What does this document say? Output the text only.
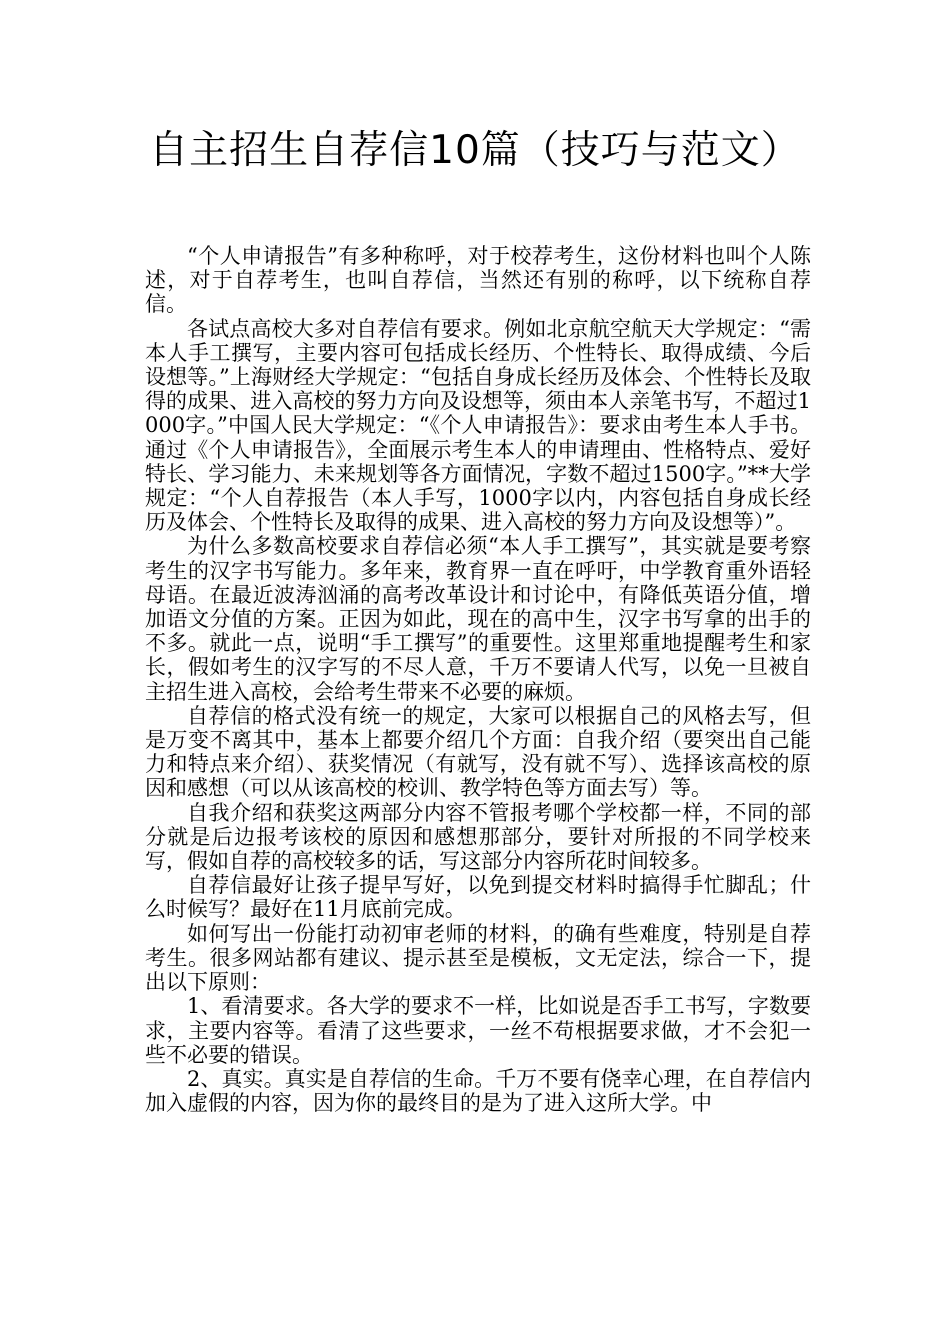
自主招生自荐信10篇（技巧与范文）

“个人申请报告”有多种称呼，对于校荐考生，这份材料也叫个人陈述，对于自荐考生，也叫自荐信，当然还有别的称呼，以下统称自荐信。

各试点高校大多对自荐信有要求。例如北京航空航天大学规定：“需本人手工撰写，主要内容可包括成长经历、个性特长、取得成绩、今后设想等。”上海财经大学规定：“包括自身成长经历及体会、个性特长及取得的成果、进入高校的努力方向及设想等，须由本人亲笔书写，不超过1000字。”中国人民大学规定：“《个人申请报告》：要求由考生本人手书。通过《个人申请报告》，全面展示考生本人的申请理由、性格特点、爱好特长、学习能力、未来规划等各方面情况，字数不超过1500字。”**大学规定：“个人自荐报告（本人手写，1000字以内，内容包括自身成长经历及体会、个性特长及取得的成果、进入高校的努力方向及设想等）”。

为什么多数高校要求自荐信必须“本人手工撰写”，其实就是要考察考生的汉字书写能力。多年来，教育界一直在呼吁，中学教育重外语轻母语。在最近波涛汹涌的高考改革设计和讨论中，有降低英语分值，增加语文分值的方案。正因为如此，现在的高中生，汉字书写拿的出手的不多。就此一点，说明“手工撰写”的重要性。这里郑重地提醒考生和家长，假如考生的汉字写的不尽人意，千万不要请人代写，以免一旦被自主招生进入高校，会给考生带来不必要的麻烦。

自荐信的格式没有统一的规定，大家可以根据自己的风格去写，但是万变不离其中，基本上都要介绍几个方面：自我介绍（要突出自己能力和特点来介绍）、获奖情况（有就写，没有就不写）、选择该高校的原因和感想（可以从该高校的校训、教学特色等方面去写）等。

自我介绍和获奖这两部分内容不管报考哪个学校都一样，不同的部分就是后边报考该校的原因和感想那部分，要针对所报的不同学校来写，假如自荐的高校较多的话，写这部分内容所花时间较多。

自荐信最好让孩子提早写好，以免到提交材料时搞得手忙脚乱；什么时候写？最好在11月底前完成。

如何写出一份能打动初审老师的材料，的确有些难度，特别是自荐考生。很多网站都有建议、提示甚至是模板，文无定法，综合一下，提出以下原则：

1、看清要求。各大学的要求不一样，比如说是否手工书写，字数要求，主要内容等。看清了这些要求，一丝不苟根据要求做，才不会犯一些不必要的错误。

2、真实。真实是自荐信的生命。千万不要有侥幸心理，在自荐信内加入虚假的内容，因为你的最终目的是为了进入这所大学。中
